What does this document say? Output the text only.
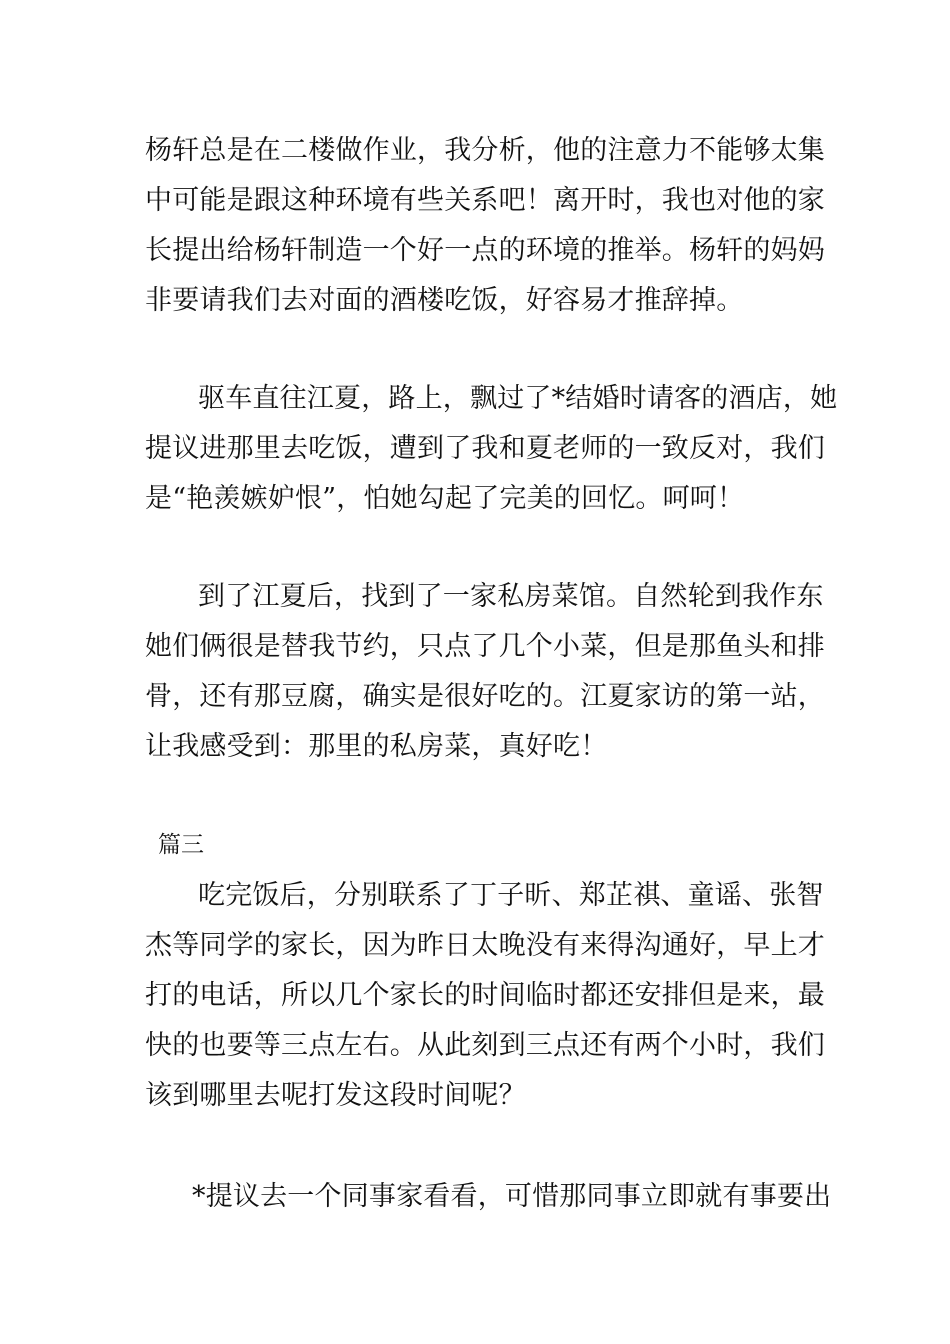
杨轩总是在二楼做作业，我分析，他的注意力不能够太集
中可能是跟这种环境有些关系吧！离开时，我也对他的家
长提出给杨轩制造一个好一点的环境的推举。杨轩的妈妈
非要请我们去对面的酒楼吃饭，好容易才推辞掉。
驱车直往江夏，路上，飘过了*结婚时请客的酒店，她
提议进那里去吃饭，遭到了我和夏老师的一致反对，我们
是“艳羡嫉妒恨”，怕她勾起了完美的回忆。呵呵！
到了江夏后，找到了一家私房菜馆。自然轮到我作东
她们俩很是替我节约，只点了几个小菜，但是那鱼头和排
骨，还有那豆腐，确实是很好吃的。江夏家访的第一站，
让我感受到：那里的私房菜，真好吃！
篇三
吃完饭后，分别联系了丁子昕、郑芷祺、童谣、张智
杰等同学的家长，因为昨日太晚没有来得沟通好，早上才
打的电话，所以几个家长的时间临时都还安排但是来，最
快的也要等三点左右。从此刻到三点还有两个小时，我们
该到哪里去呢打发这段时间呢？
*提议去一个同事家看看，可惜那同事立即就有事要出
